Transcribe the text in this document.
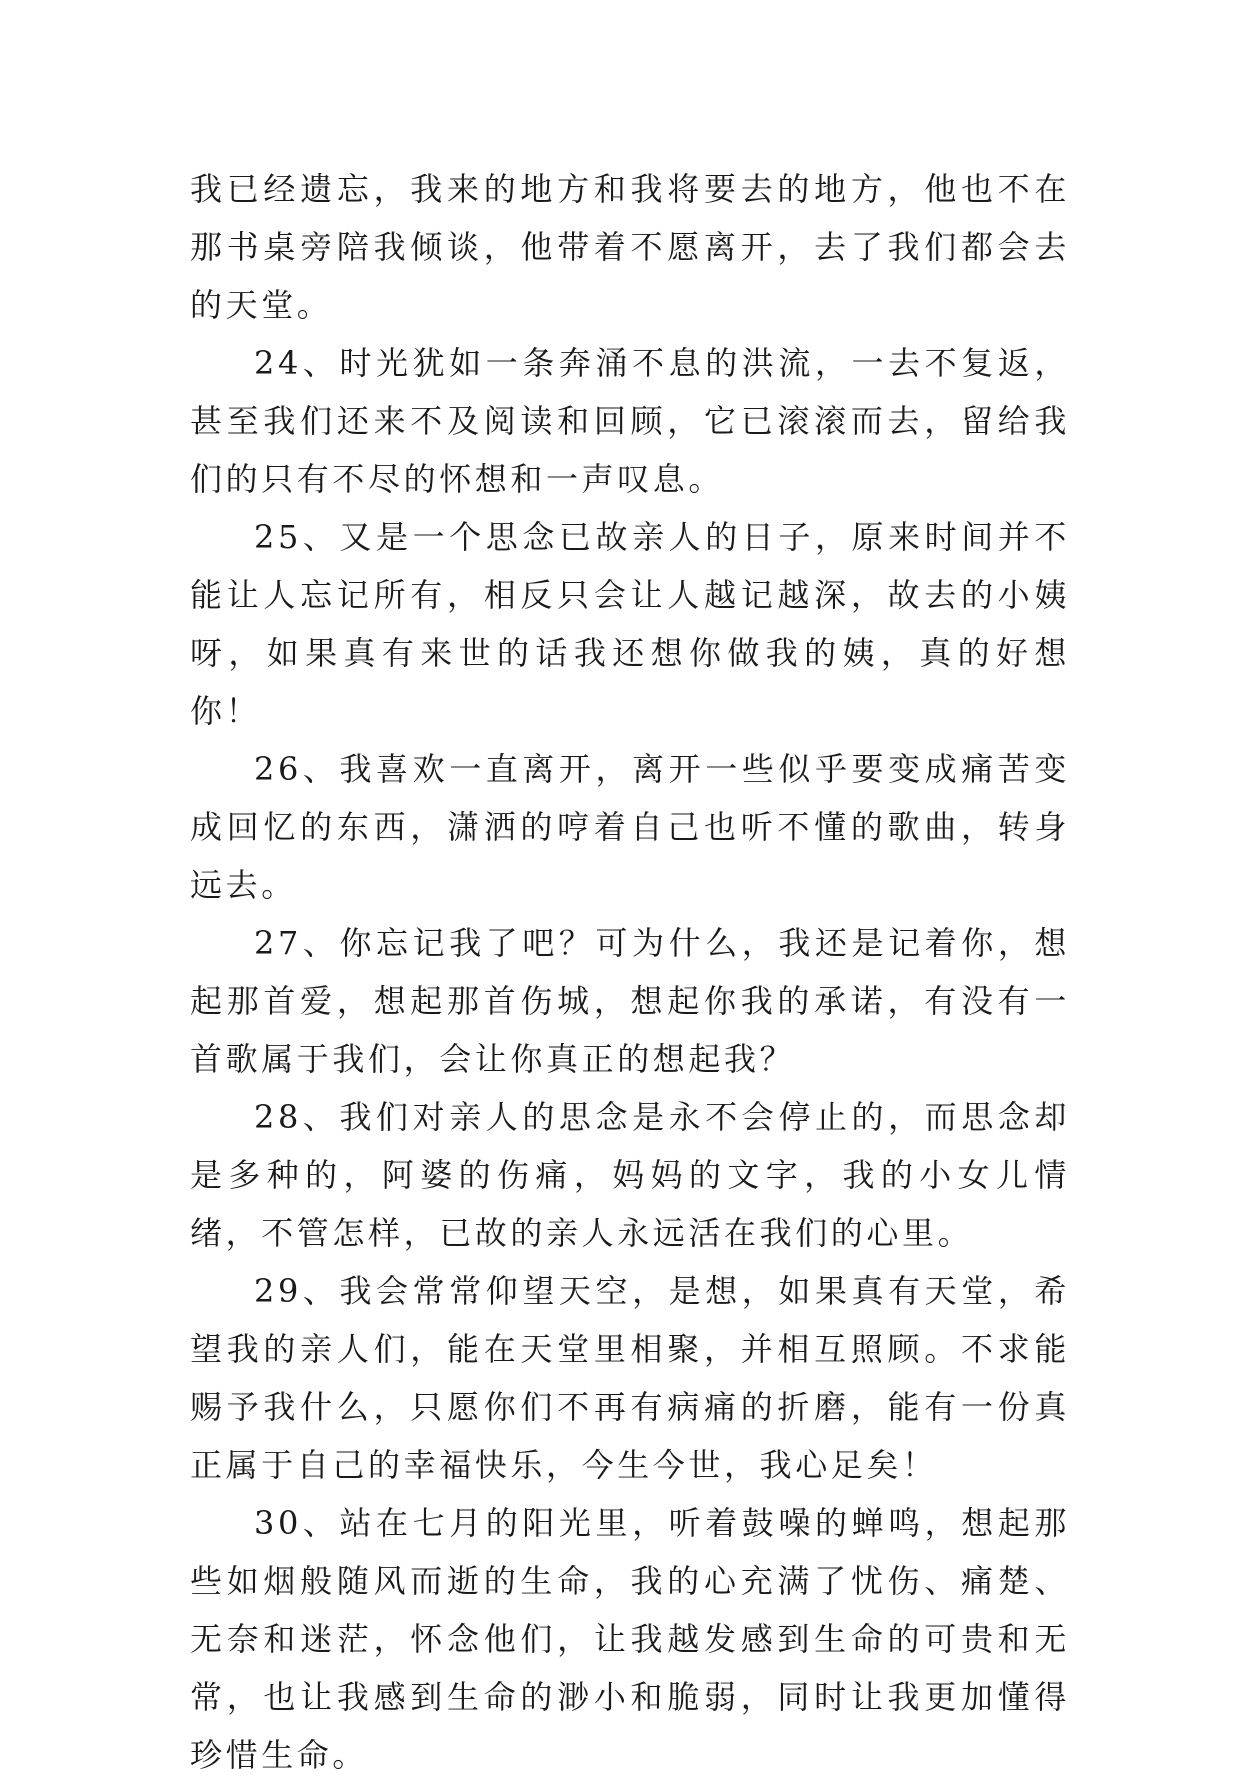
我已经遗忘，我来的地方和我将要去的地方，他也不在那书桌旁陪我倾谈，他带着不愿离开，去了我们都会去的天堂。

24、时光犹如一条奔涌不息的洪流，一去不复返，甚至我们还来不及阅读和回顾，它已滚滚而去，留给我们的只有不尽的怀想和一声叹息。

25、又是一个思念已故亲人的日子，原来时间并不能让人忘记所有，相反只会让人越记越深，故去的小姨呀，如果真有来世的话我还想你做我的姨，真的好想你！

26、我喜欢一直离开，离开一些似乎要变成痛苦变成回忆的东西，潇洒的哼着自己也听不懂的歌曲，转身远去。

27、你忘记我了吧？可为什么，我还是记着你，想起那首爱，想起那首伤城，想起你我的承诺，有没有一首歌属于我们，会让你真正的想起我？

28、我们对亲人的思念是永不会停止的，而思念却是多种的，阿婆的伤痛，妈妈的文字，我的小女儿情绪，不管怎样，已故的亲人永远活在我们的心里。

29、我会常常仰望天空，是想，如果真有天堂，希望我的亲人们，能在天堂里相聚，并相互照顾。不求能赐予我什么，只愿你们不再有病痛的折磨，能有一份真正属于自己的幸福快乐，今生今世，我心足矣！

30、站在七月的阳光里，听着鼓噪的蝉鸣，想起那些如烟般随风而逝的生命，我的心充满了忧伤、痛楚、无奈和迷茫，怀念他们，让我越发感到生命的可贵和无常，也让我感到生命的渺小和脆弱，同时让我更加懂得珍惜生命。
